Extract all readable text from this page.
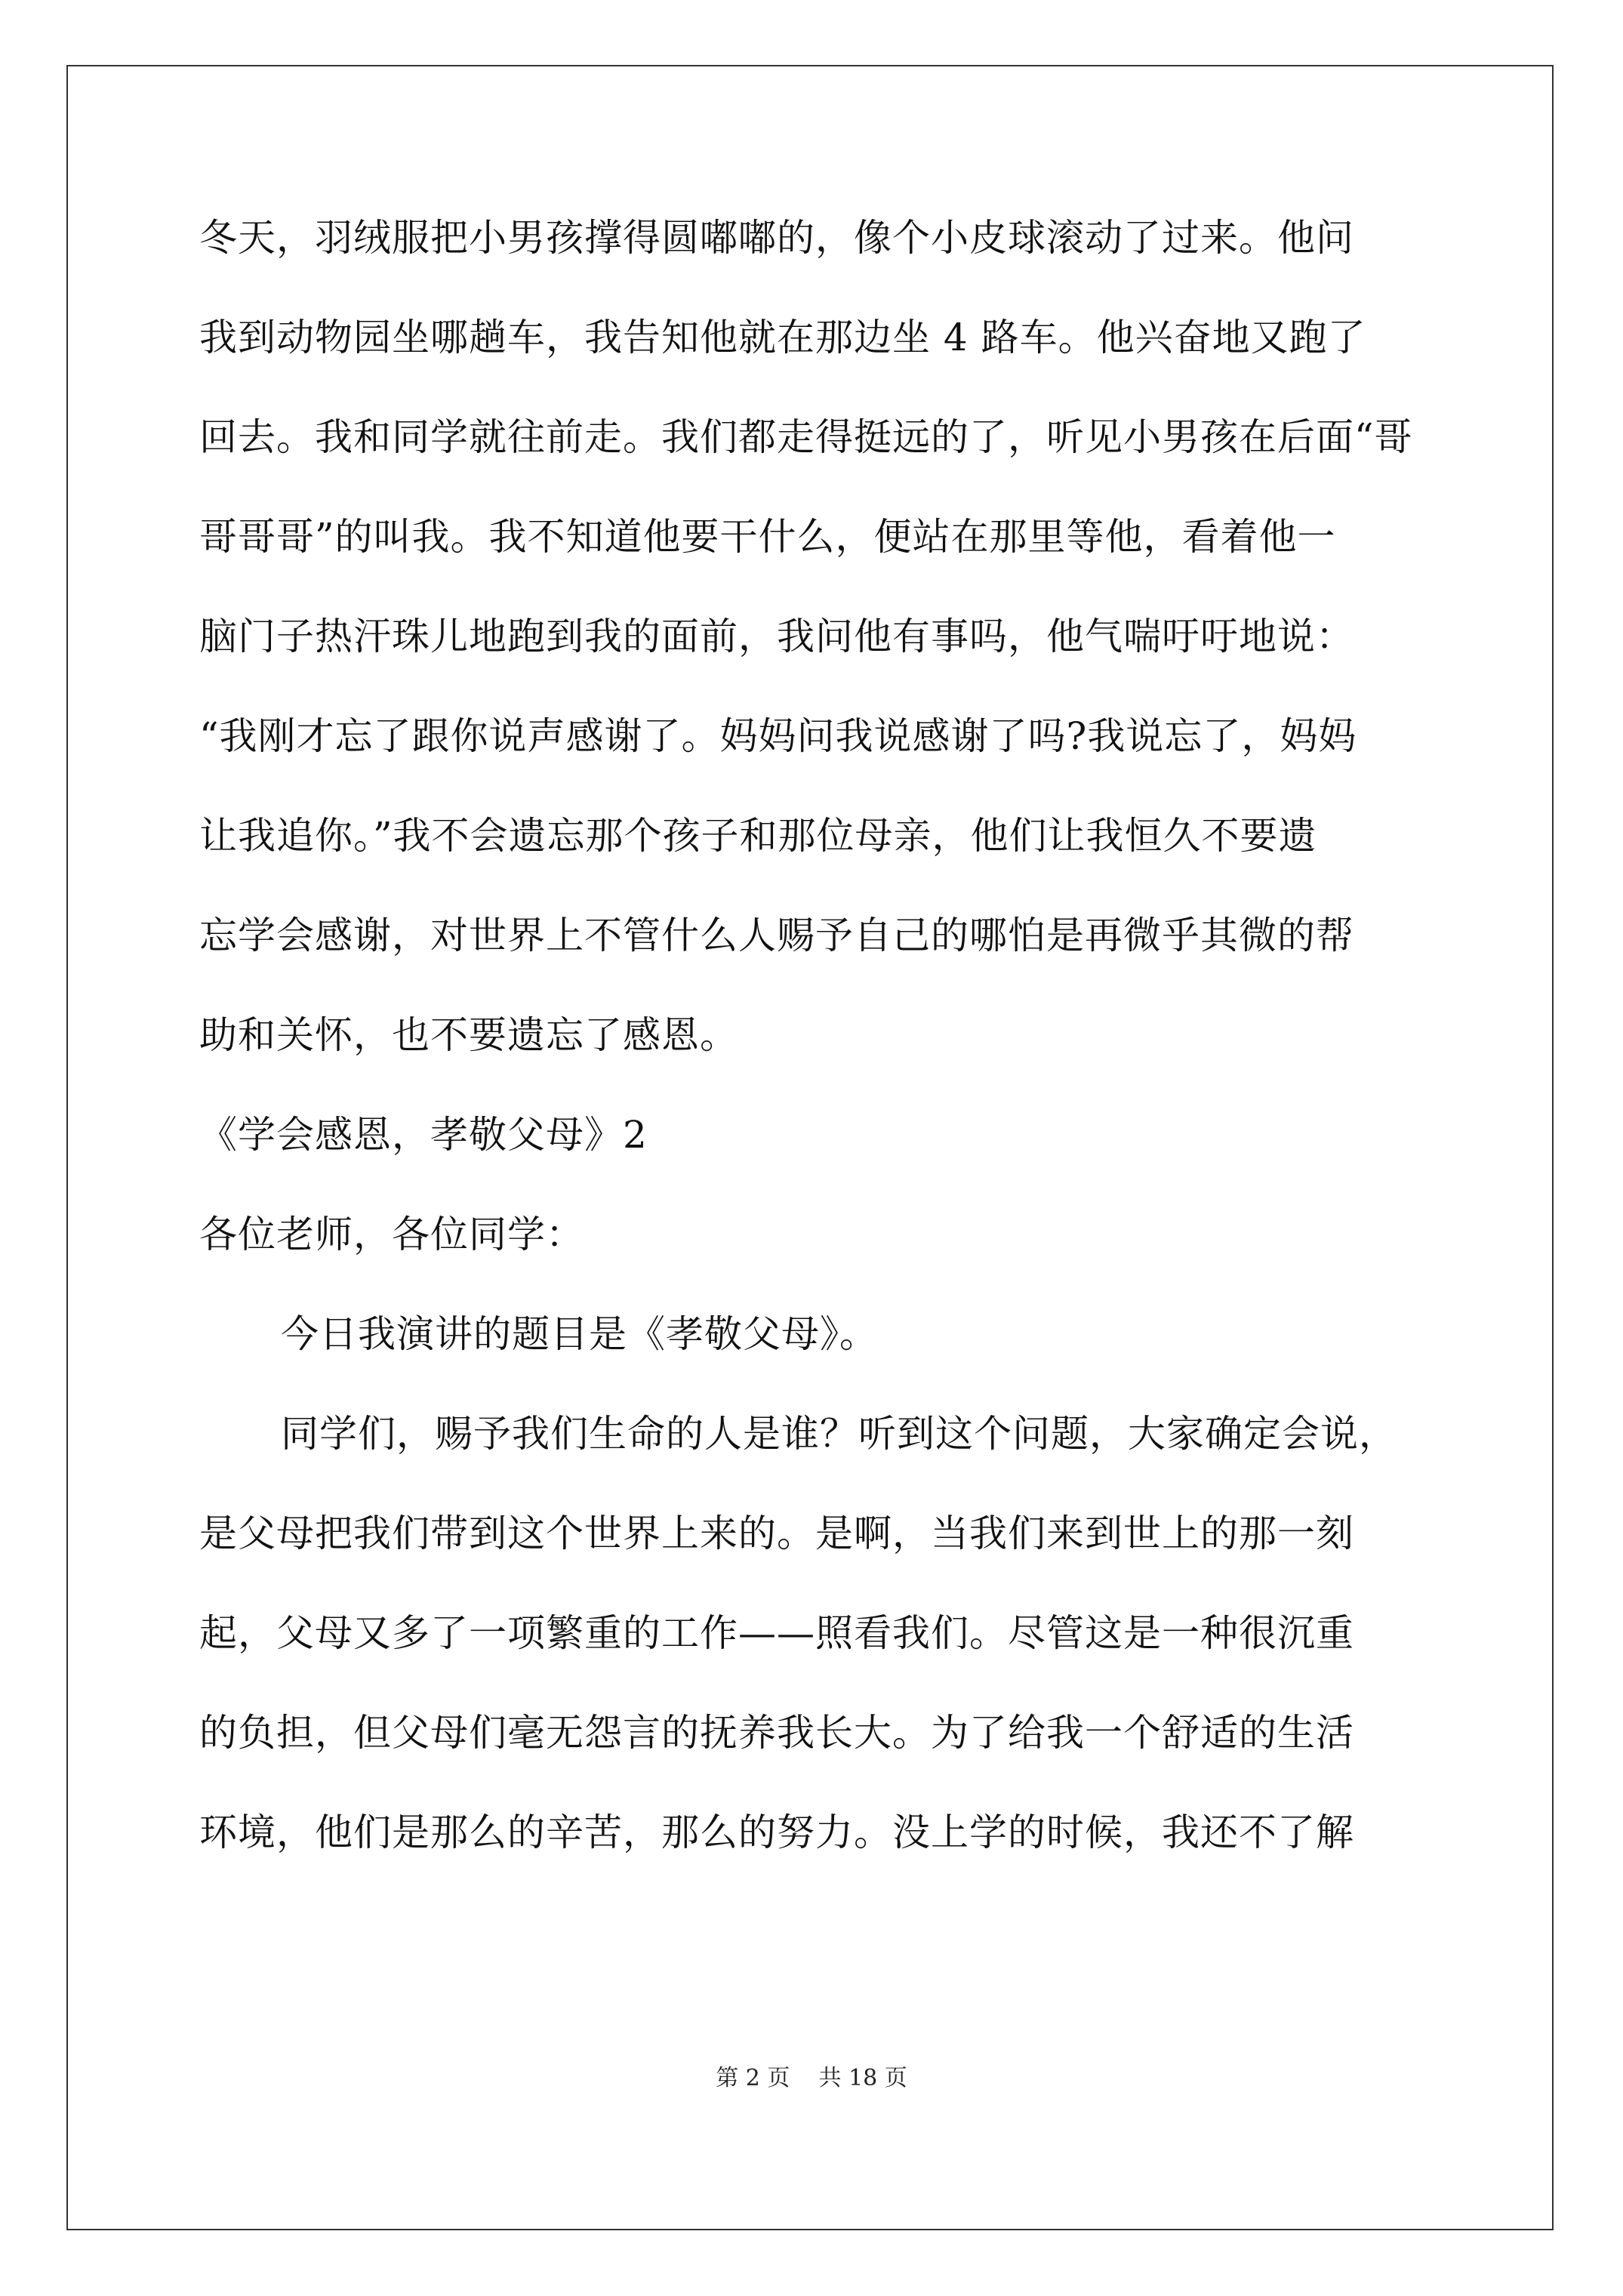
冬天，羽绒服把小男孩撑得圆嘟嘟的，像个小皮球滚动了过来。他问
我到动物园坐哪趟车，我告知他就在那边坐 4 路车。他兴奋地又跑了
回去。我和同学就往前走。我们都走得挺远的了，听见小男孩在后面“哥
哥哥哥”的叫我。我不知道他要干什么，便站在那里等他，看着他一
脑门子热汗珠儿地跑到我的面前，我问他有事吗，他气喘吁吁地说：
“我刚才忘了跟你说声感谢了。妈妈问我说感谢了吗?我说忘了，妈妈
让我追你。”我不会遗忘那个孩子和那位母亲，他们让我恒久不要遗
忘学会感谢，对世界上不管什么人赐予自己的哪怕是再微乎其微的帮
助和关怀，也不要遗忘了感恩。
《学会感恩，孝敬父母》2
各位老师，各位同学：
今日我演讲的题目是《孝敬父母》。
同学们，赐予我们生命的人是谁？听到这个问题，大家确定会说，
是父母把我们带到这个世界上来的。是啊，当我们来到世上的那一刻
起，父母又多了一项繁重的工作——照看我们。尽管这是一种很沉重
的负担，但父母们毫无怨言的抚养我长大。为了给我一个舒适的生活
环境，他们是那么的辛苦，那么的努力。没上学的时候，我还不了解
第 2 页 共 18 页
